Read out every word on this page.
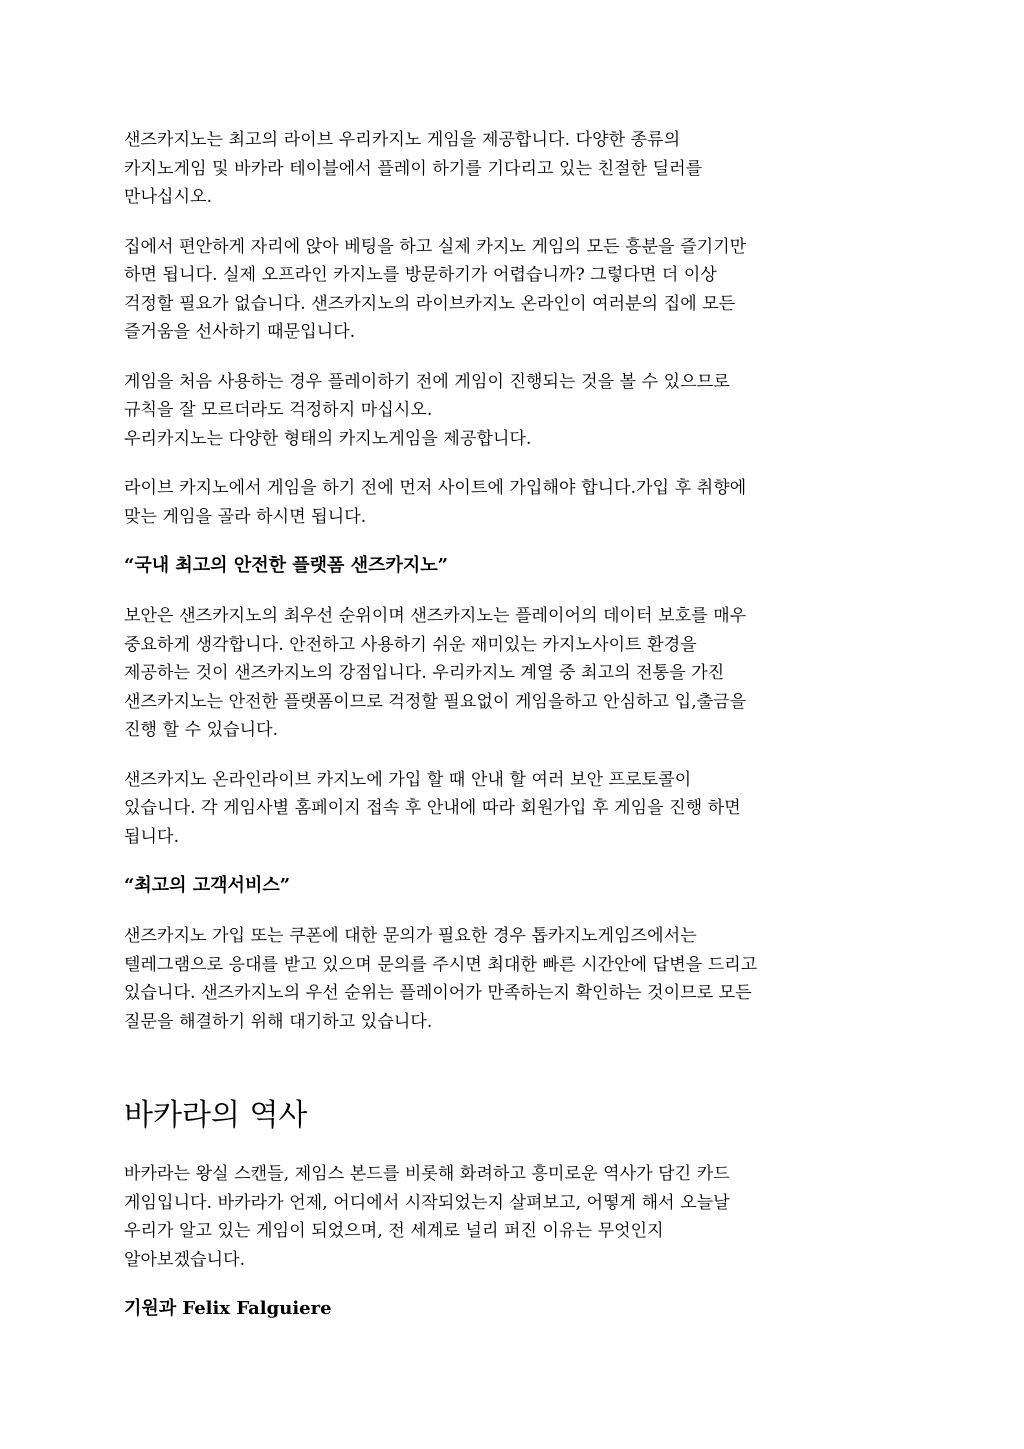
샌즈카지노는 최고의 라이브 우리카지노 게임을 제공합니다. 다양한 종류의
카지노게임 및 바카라 테이블에서 플레이 하기를 기다리고 있는 친절한 딜러를
만나십시오.

집에서 편안하게 자리에 앉아 베팅을 하고 실제 카지노 게임의 모든 흥분을 즐기기만
하면 됩니다. 실제 오프라인 카지노를 방문하기가 어렵습니까? 그렇다면 더 이상
걱정할 필요가 없습니다. 샌즈카지노의 라이브카지노 온라인이 여러분의 집에 모든
즐거움을 선사하기 때문입니다.

게임을 처음 사용하는 경우 플레이하기 전에 게임이 진행되는 것을 볼 수 있으므로
규칙을 잘 모르더라도 걱정하지 마십시오.
우리카지노는 다양한 형태의 카지노게임을 제공합니다.

라이브 카지노에서 게임을 하기 전에 먼저 사이트에 가입해야 합니다.가입 후 취향에
맞는 게임을 골라 하시면 됩니다.

“국내 최고의 안전한 플랫폼 샌즈카지노”

보안은 샌즈카지노의 최우선 순위이며 샌즈카지노는 플레이어의 데이터 보호를 매우
중요하게 생각합니다. 안전하고 사용하기 쉬운 재미있는 카지노사이트 환경을
제공하는 것이 샌즈카지노의 강점입니다. 우리카지노 계열 중 최고의 전통을 가진
샌즈카지노는 안전한 플랫폼이므로 걱정할 필요없이 게임을하고 안심하고 입,출금을
진행 할 수 있습니다.

샌즈카지노 온라인라이브 카지노에 가입 할 때 안내 할 여러 보안 프로토콜이
있습니다. 각 게임사별 홈페이지 접속 후 안내에 따라 회원가입 후 게임을 진행 하면
됩니다.

“최고의 고객서비스”

샌즈카지노 가입 또는 쿠폰에 대한 문의가 필요한 경우 톱카지노게임즈에서는
텔레그램으로 응대를 받고 있으며 문의를 주시면 최대한 빠른 시간안에 답변을 드리고
있습니다. 샌즈카지노의 우선 순위는 플레이어가 만족하는지 확인하는 것이므로 모든
질문을 해결하기 위해 대기하고 있습니다.

바카라의 역사

바카라는 왕실 스캔들, 제임스 본드를 비롯해 화려하고 흥미로운 역사가 담긴 카드
게임입니다. 바카라가 언제, 어디에서 시작되었는지 살펴보고, 어떻게 해서 오늘날
우리가 알고 있는 게임이 되었으며, 전 세계로 널리 퍼진 이유는 무엇인지
알아보겠습니다.

기원과 Felix Falguiere
